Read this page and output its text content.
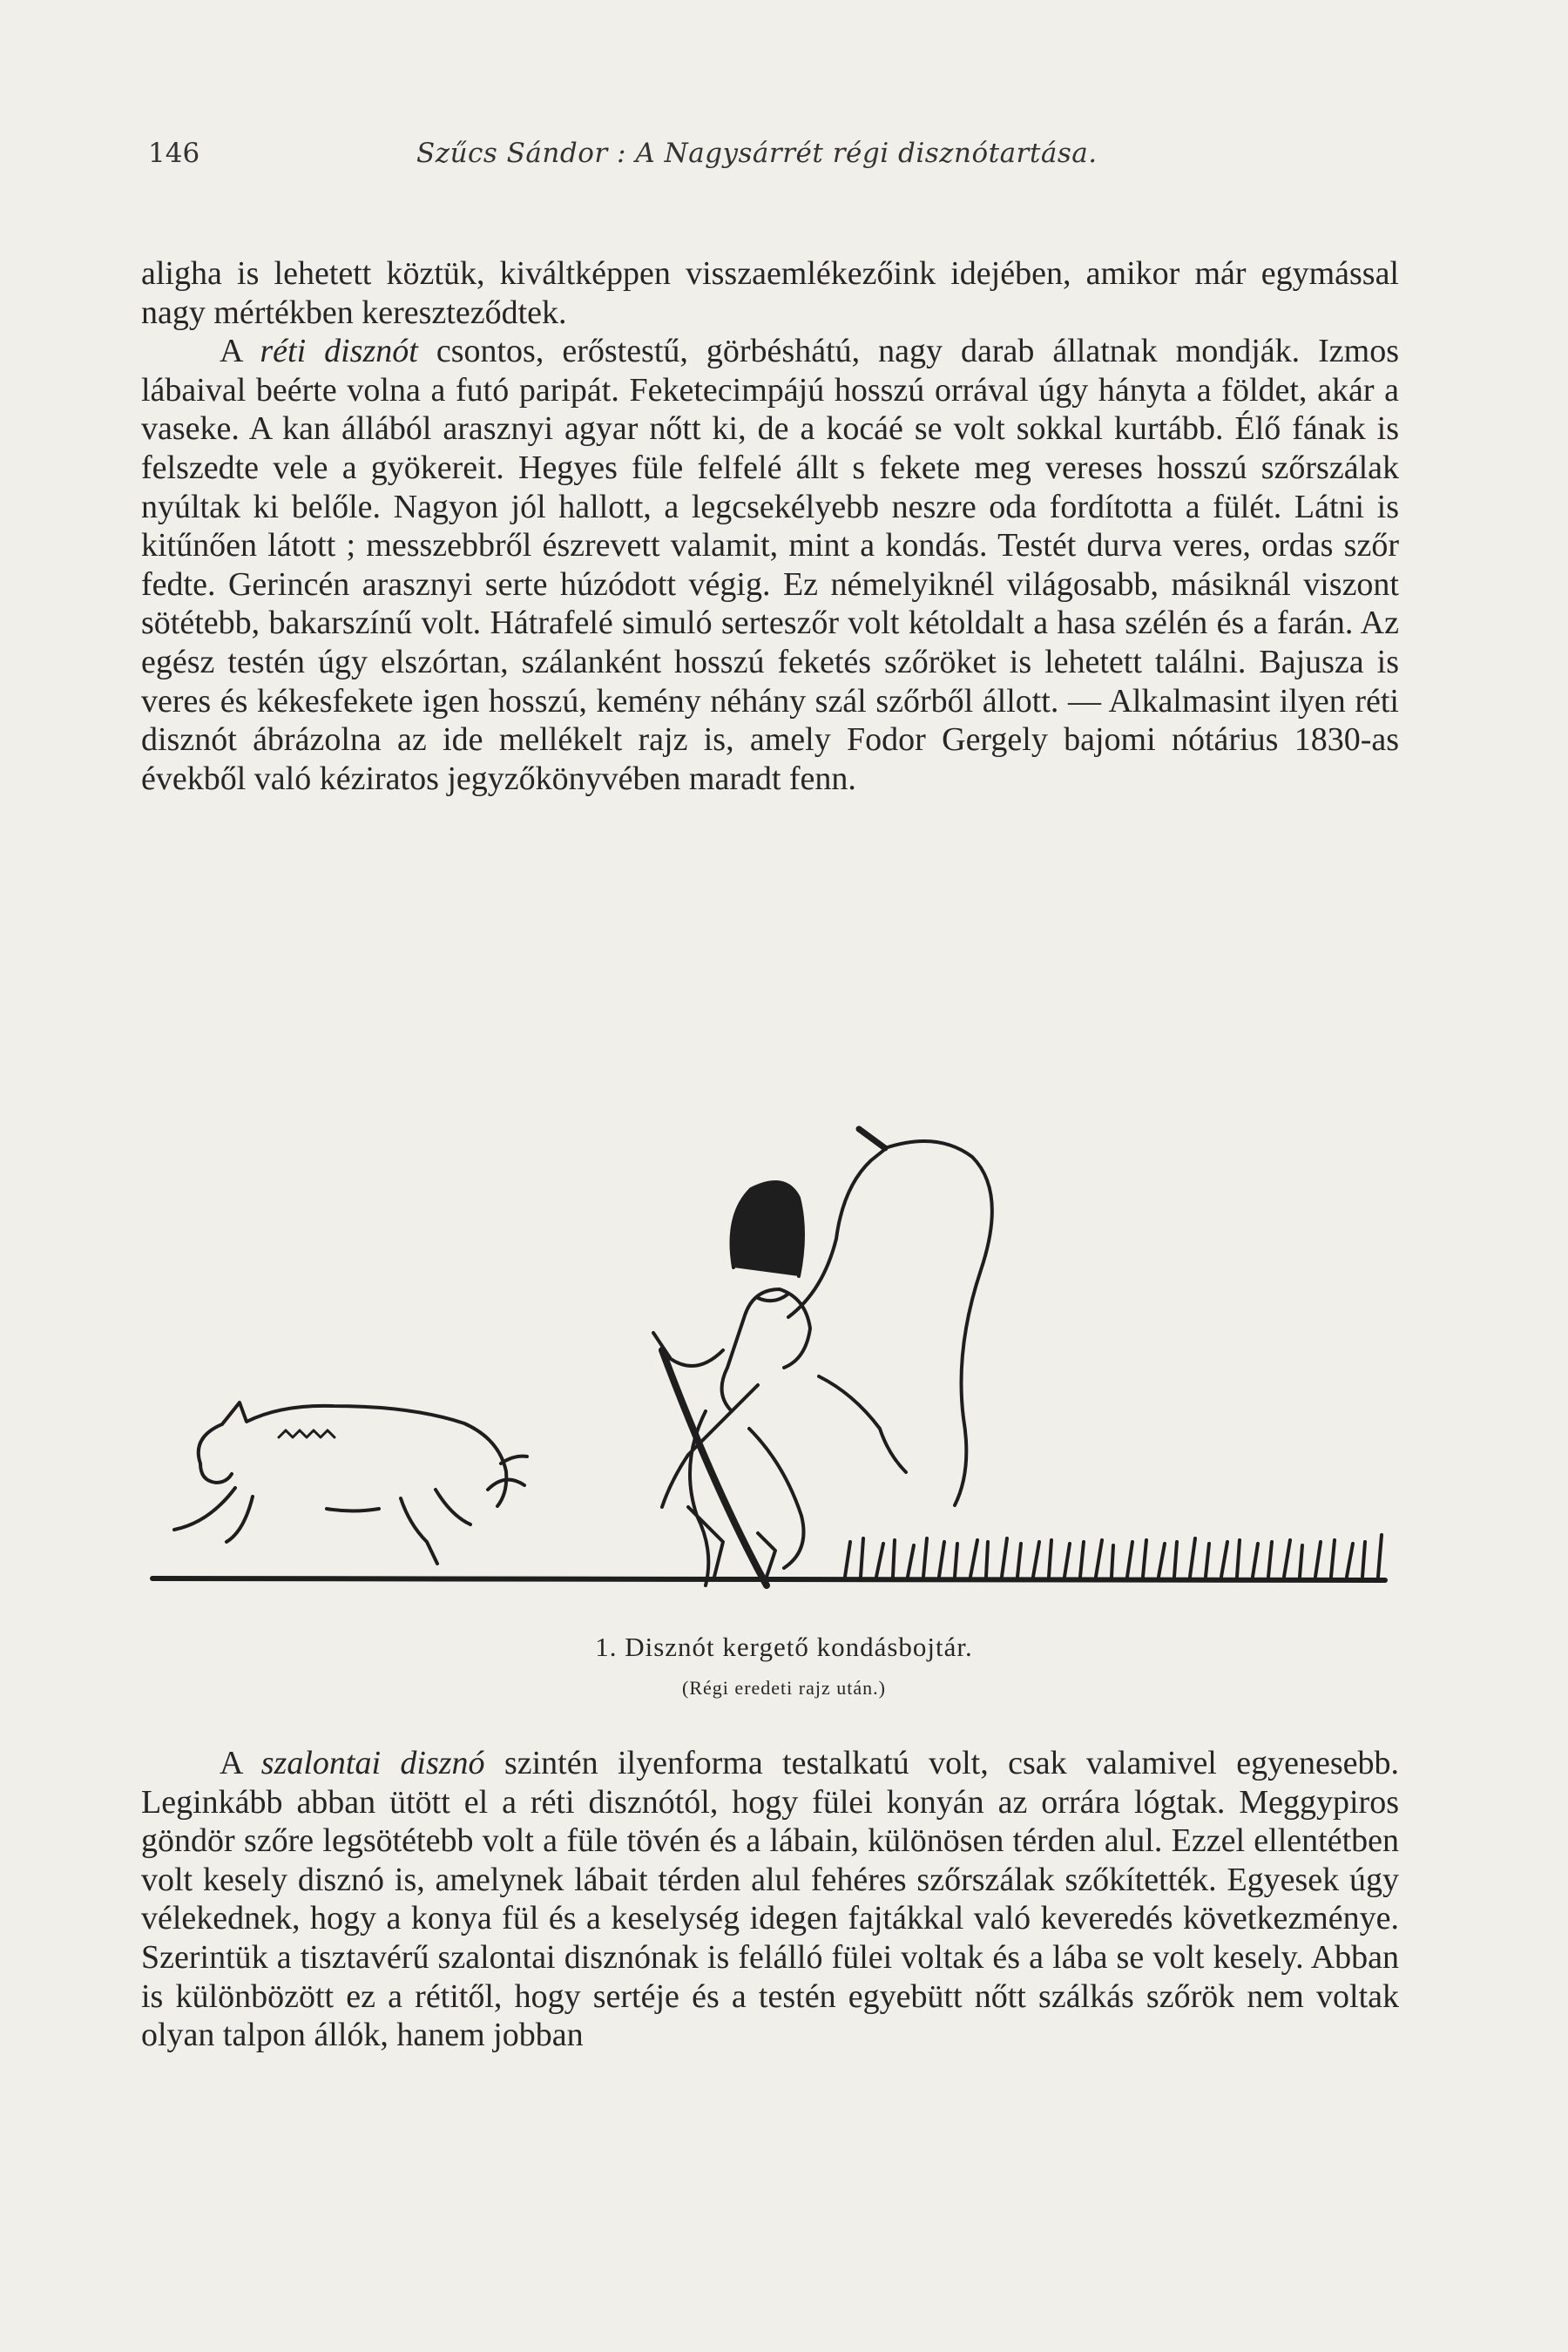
146	Szűcs Sándor : A Nagysárrét régi disznótartása.

aligha is lehetett köztük, kiváltképpen visszaemlékezőink idejében, amikor már egymással nagy mértékben kereszteződtek.
A réti disznót csontos, erőstestű, görbéshátú, nagy darab állatnak mondják. Izmos lábaival beérte volna a futó paripát. Feketecimpájú hosszú orrával úgy hányta a földet, akár a vaseke. A kan állából arasznyi agyar nőtt ki, de a kocáé se volt sokkal kurtább. Élő fának is felszedte vele a gyökereit. Hegyes füle felfelé állt s fekete meg vereses hosszú szőrszálak nyúltak ki belőle. Nagyon jól hallott, a legcsekélyebb neszre oda fordította a fülét. Látni is kitűnően látott ; messzebbről észrevett valamit, mint a kondás. Testét durva veres, ordas szőr fedte. Gerincén arasznyi serte húzódott végig. Ez némelyiknél világosabb, másiknál viszont sötétebb, bakarszínű volt. Hátrafelé simuló serteszőr volt kétoldalt a hasa szélén és a farán. Az egész testén úgy elszórtan, szálanként hosszú feketés szőröket is lehetett találni. Bajusza is veres és kékesfekete igen hosszú, kemény néhány szál szőrből állott. — Alkalmasint ilyen réti disznót ábrázolna az ide mellékelt rajz is, amely Fodor Gergely bajomi nótárius 1830-as évekből való kéziratos jegyzőkönyvében maradt fenn.

1. Disznót kergető kondásbojtár.
(Régi eredeti rajz után.)

A szalontai disznó szintén ilyenforma testalkatú volt, csak valamivel egyenesebb. Leginkább abban ütött el a réti disznótól, hogy fülei konyán az orrára lógtak. Meggypiros göndör szőre legsötétebb volt a füle tövén és a lábain, különösen térden alul. Ezzel ellentétben volt kesely disznó is, amelynek lábait térden alul fehéres szőrszálak szőkítették. Egyesek úgy vélekednek, hogy a konya fül és a keselység idegen fajtákkal való keveredés következménye. Szerintük a tisztavérű szalontai disznónak is felálló fülei voltak és a lába se volt kesely. Abban is különbözött ez a rétitől, hogy sertéje és a testén egyebütt nőtt szálkás szőrök nem voltak olyan talpon állók, hanem jobban
